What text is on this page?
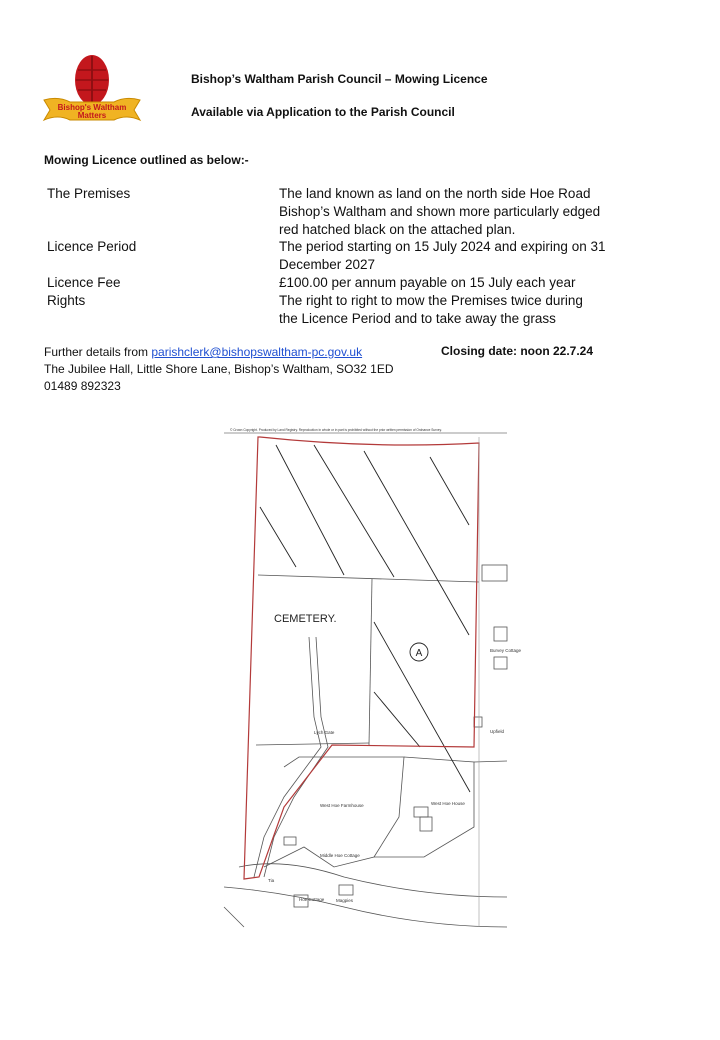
Bishop's Waltham
Matters
Bishop’s Waltham Parish Council – Mowing Licence
Available via Application to the Parish Council
Mowing Licence outlined as below:-
The Premises	The land known as land on the north side Hoe Road
Bishop’s Waltham and shown more particularly edged
red hatched black on the attached plan.
Licence Period	The period starting on 15 July 2024 and expiring on 31
December 2027
Licence Fee	£100.00 per annum payable on 15 July each year
Rights	The right to right to mow the Premises twice during
the Licence Period and to take away the grass
Further details from parishclerk@bishopswaltham-pc.gov.uk
The Jubilee Hall, Little Shore Lane, Bishop’s Waltham, SO32 1ED
01489 892323
Closing date: noon 22.7.24
CEMETERY.
A
© Crown Copyright. Produced by Land Registry. Reproduction in whole or in part is prohibited without the prior written permission of Ordnance Survey.
West Hoe Farmhouse	West Hoe House
Middle Hoe Cottage
Lych Gate	Upfield
Hoe Cottage	Magpies
Tia
Burvey Cottage
